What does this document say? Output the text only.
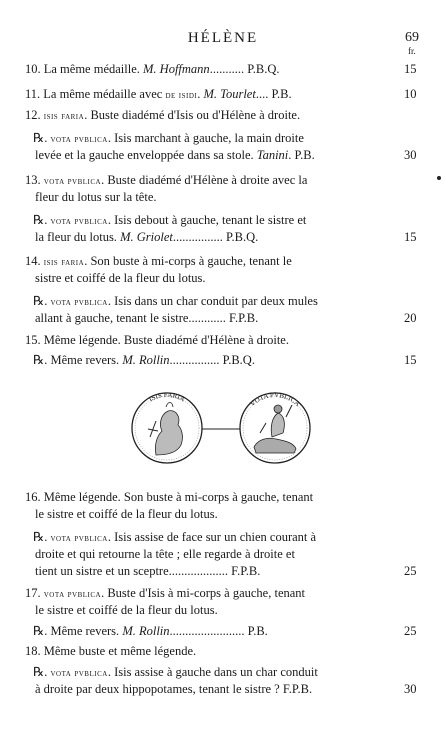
HÉLÈNE	69
fr.
10. La même médaille. M. Hoffmann........... P.B.Q.	15
11. La même médaille avec de isidi. M. Tourlet.... P.B.	10
12. isis faria. Buste diadémé d'Isis ou d'Hélène à droite.
℞. vota pvblica. Isis marchant à gauche, la main droite
levée et la gauche enveloppée dans sa stole. Tanini. P.B.	30
13. vota pvblica. Buste diadémé d'Hélène à droite avec la
fleur du lotus sur la tête.
℞. vota pvblica. Isis debout à gauche, tenant le sistre et
la fleur du lotus. M. Griolet................ P.B.Q.	15
14. isis faria. Son buste à mi-corps à gauche, tenant le
sistre et coiffé de la fleur du lotus.
℞. vota pvblica. Isis dans un char conduit par deux mules
allant à gauche, tenant le sistre............ F.P.B.	20
15. Même légende. Buste diadémé d'Hélène à droite.
℞. Même revers. M. Rollin................ P.B.Q.	15
16. Même légende. Son buste à mi-corps à gauche, tenant
le sistre et coiffé de la fleur du lotus.
℞. vota pvblica. Isis assise de face sur un chien courant à
droite et qui retourne la tête ; elle regarde à droite et
tient un sistre et un sceptre................... F.P.B.	25
17. vota pvblica. Buste d'Isis à mi-corps à gauche, tenant
le sistre et coiffé de la fleur du lotus.
℞. Même revers. M. Rollin........................ P.B.	25
18. Même buste et même légende.
℞. vota pvblica. Isis assise à gauche dans un char conduit
à droite par deux hippopotames, tenant le sistre ? F.P.B.	30
ISIS FARIA	VOTA PVBLICA
